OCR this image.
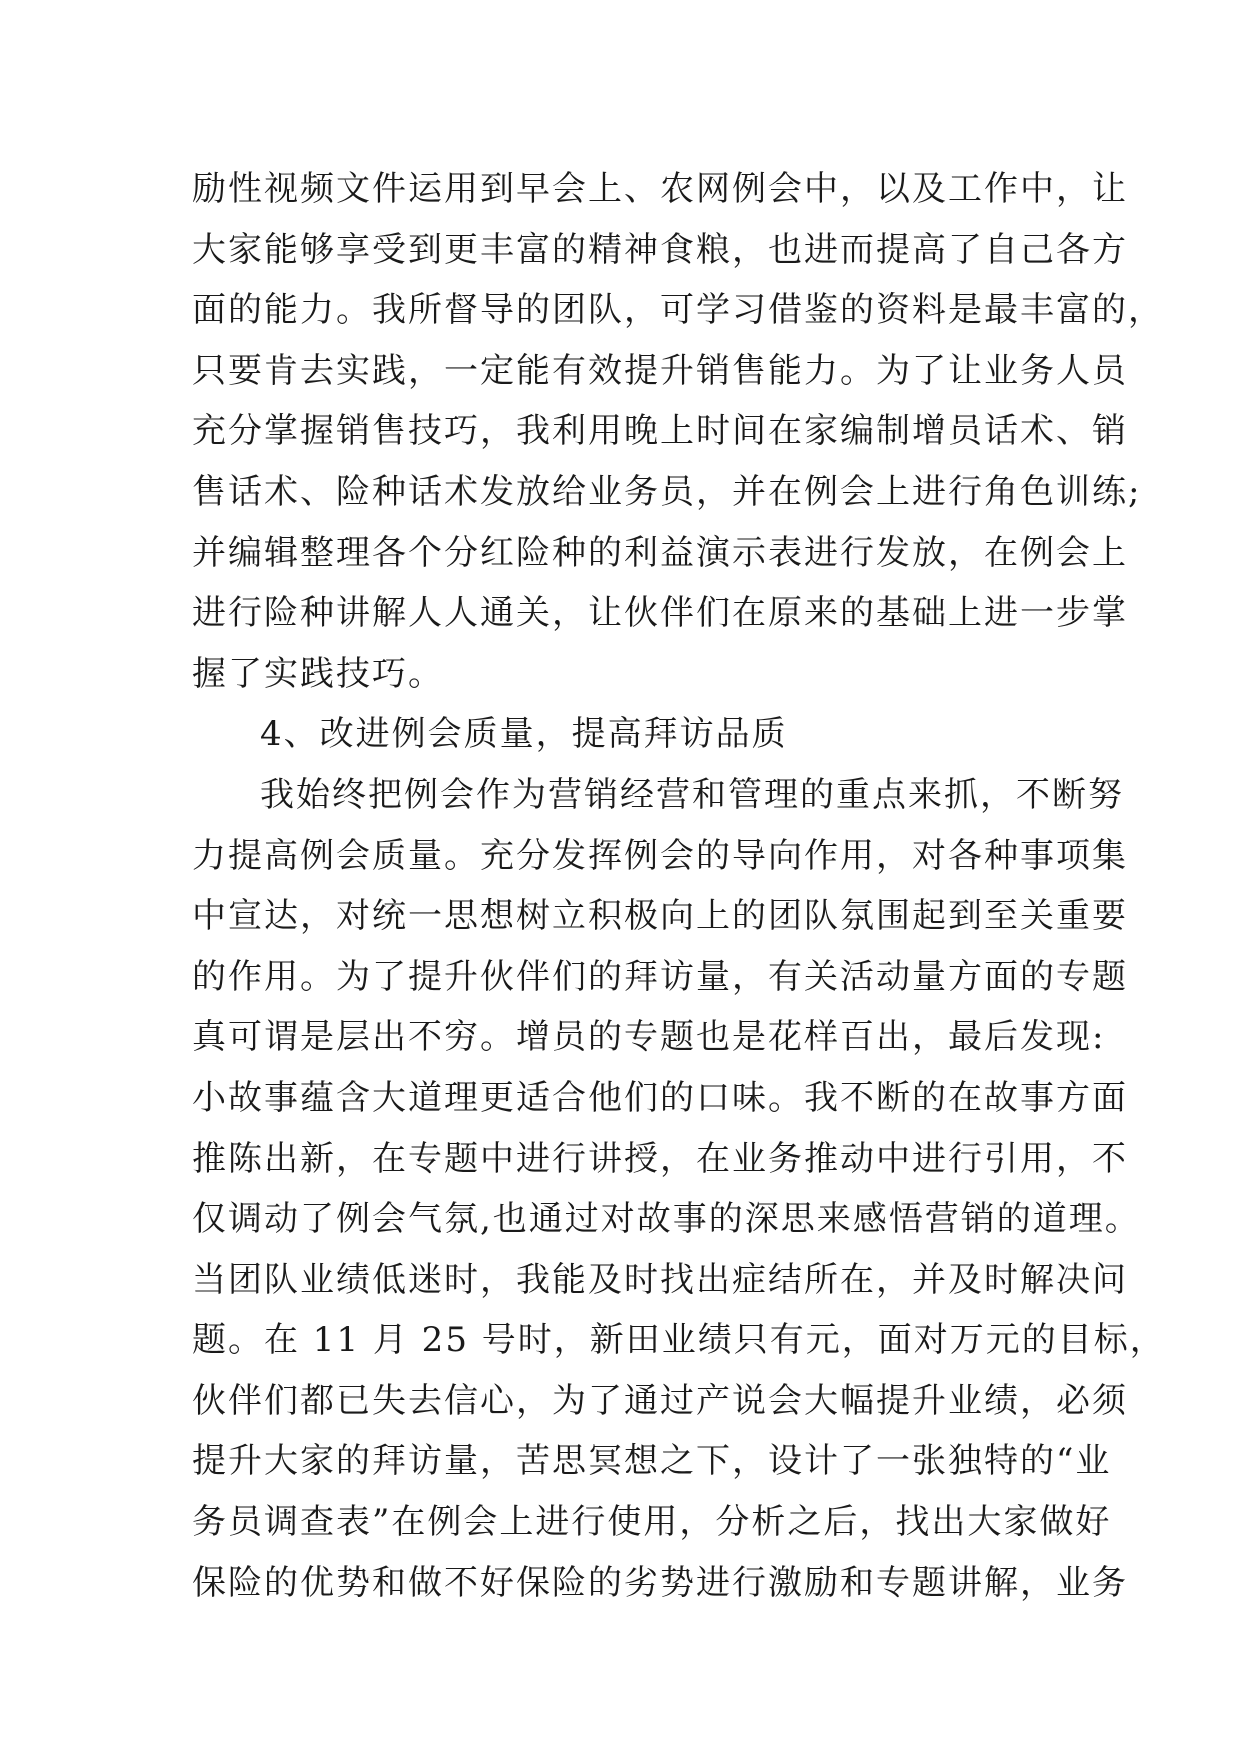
励性视频文件运用到早会上、农网例会中，以及工作中，让
大家能够享受到更丰富的精神食粮，也进而提高了自己各方
面的能力。我所督导的团队，可学习借鉴的资料是最丰富的，
只要肯去实践，一定能有效提升销售能力。为了让业务人员
充分掌握销售技巧，我利用晚上时间在家编制增员话术、销
售话术、险种话术发放给业务员，并在例会上进行角色训练;
并编辑整理各个分红险种的利益演示表进行发放，在例会上
进行险种讲解人人通关，让伙伴们在原来的基础上进一步掌
握了实践技巧。
4、改进例会质量，提高拜访品质
我始终把例会作为营销经营和管理的重点来抓，不断努
力提高例会质量。充分发挥例会的导向作用，对各种事项集
中宣达，对统一思想树立积极向上的团队氛围起到至关重要
的作用。为了提升伙伴们的拜访量，有关活动量方面的专题
真可谓是层出不穷。增员的专题也是花样百出，最后发现:
小故事蕴含大道理更适合他们的口味。我不断的在故事方面
推陈出新，在专题中进行讲授，在业务推动中进行引用，不
仅调动了例会气氛,也通过对故事的深思来感悟营销的道理。
当团队业绩低迷时，我能及时找出症结所在，并及时解决问
题。在 11 月 25 号时，新田业绩只有元，面对万元的目标，
伙伴们都已失去信心，为了通过产说会大幅提升业绩，必须
提升大家的拜访量，苦思冥想之下，设计了一张独特的“业
务员调查表”在例会上进行使用，分析之后，找出大家做好
保险的优势和做不好保险的劣势进行激励和专题讲解，业务
